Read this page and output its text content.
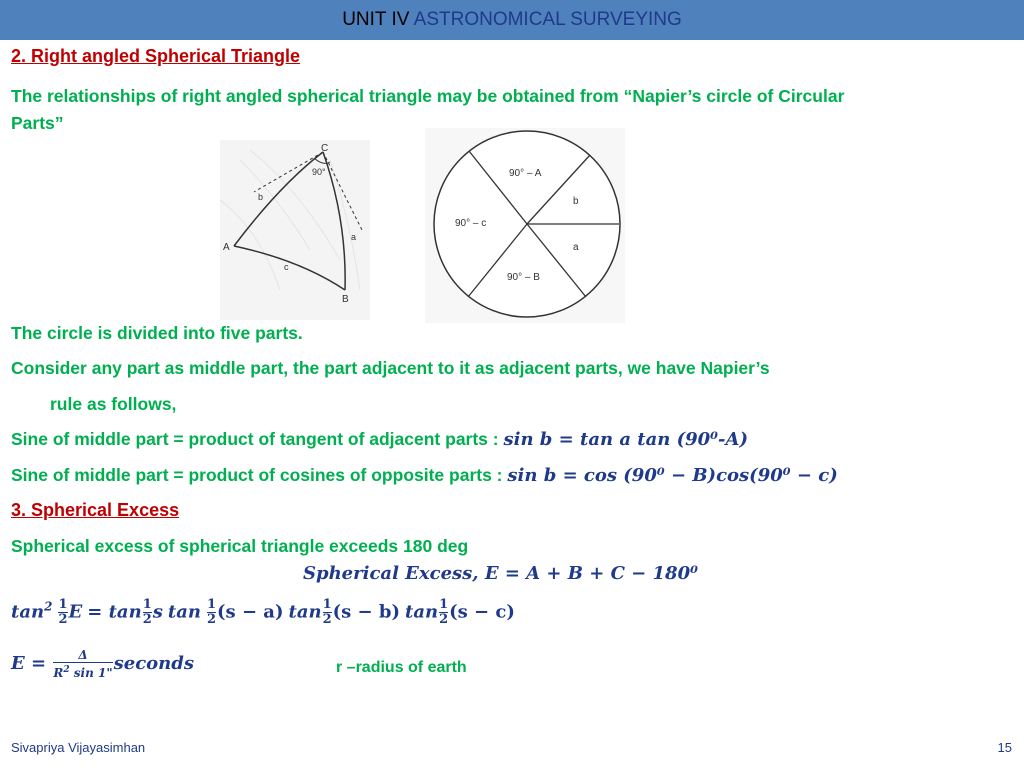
UNIT IV ASTRONOMICAL SURVEYING
2. Right angled Spherical Triangle
The relationships of right angled spherical triangle may be obtained from “Napier’s circle of Circular
Parts”
C
90°
A
B
b
a
c
90° – A
b
a
90° – B
90° – c
The circle is divided into five parts.
Consider any part as middle part, the part adjacent to it as adjacent parts, we have Napier’s
rule as follows,
Sine of middle part = product of tangent of adjacent parts : sin b = tan a tan (90⁰-A)
Sine of middle part = product of cosines of opposite parts : sin b = cos (90⁰ − B)cos(90⁰ − c)
3. Spherical Excess
Spherical excess of spherical triangle exceeds 180 deg
Spherical Excess, E = A + B + C − 180⁰
$\tan^2 \frac{1}{2}$ $E = \tan \frac{1}{2}$ s $\tan \frac{1}{2} (s - a)$ $\tan \frac{1}{2} (s - b)$ $\tan \frac{1}{2} (s - c)$
$E = \frac{\Delta}{R^2 \sin 1"}$ seconds	r –radius of earth
Sivapriya Vijayasimhan	15
